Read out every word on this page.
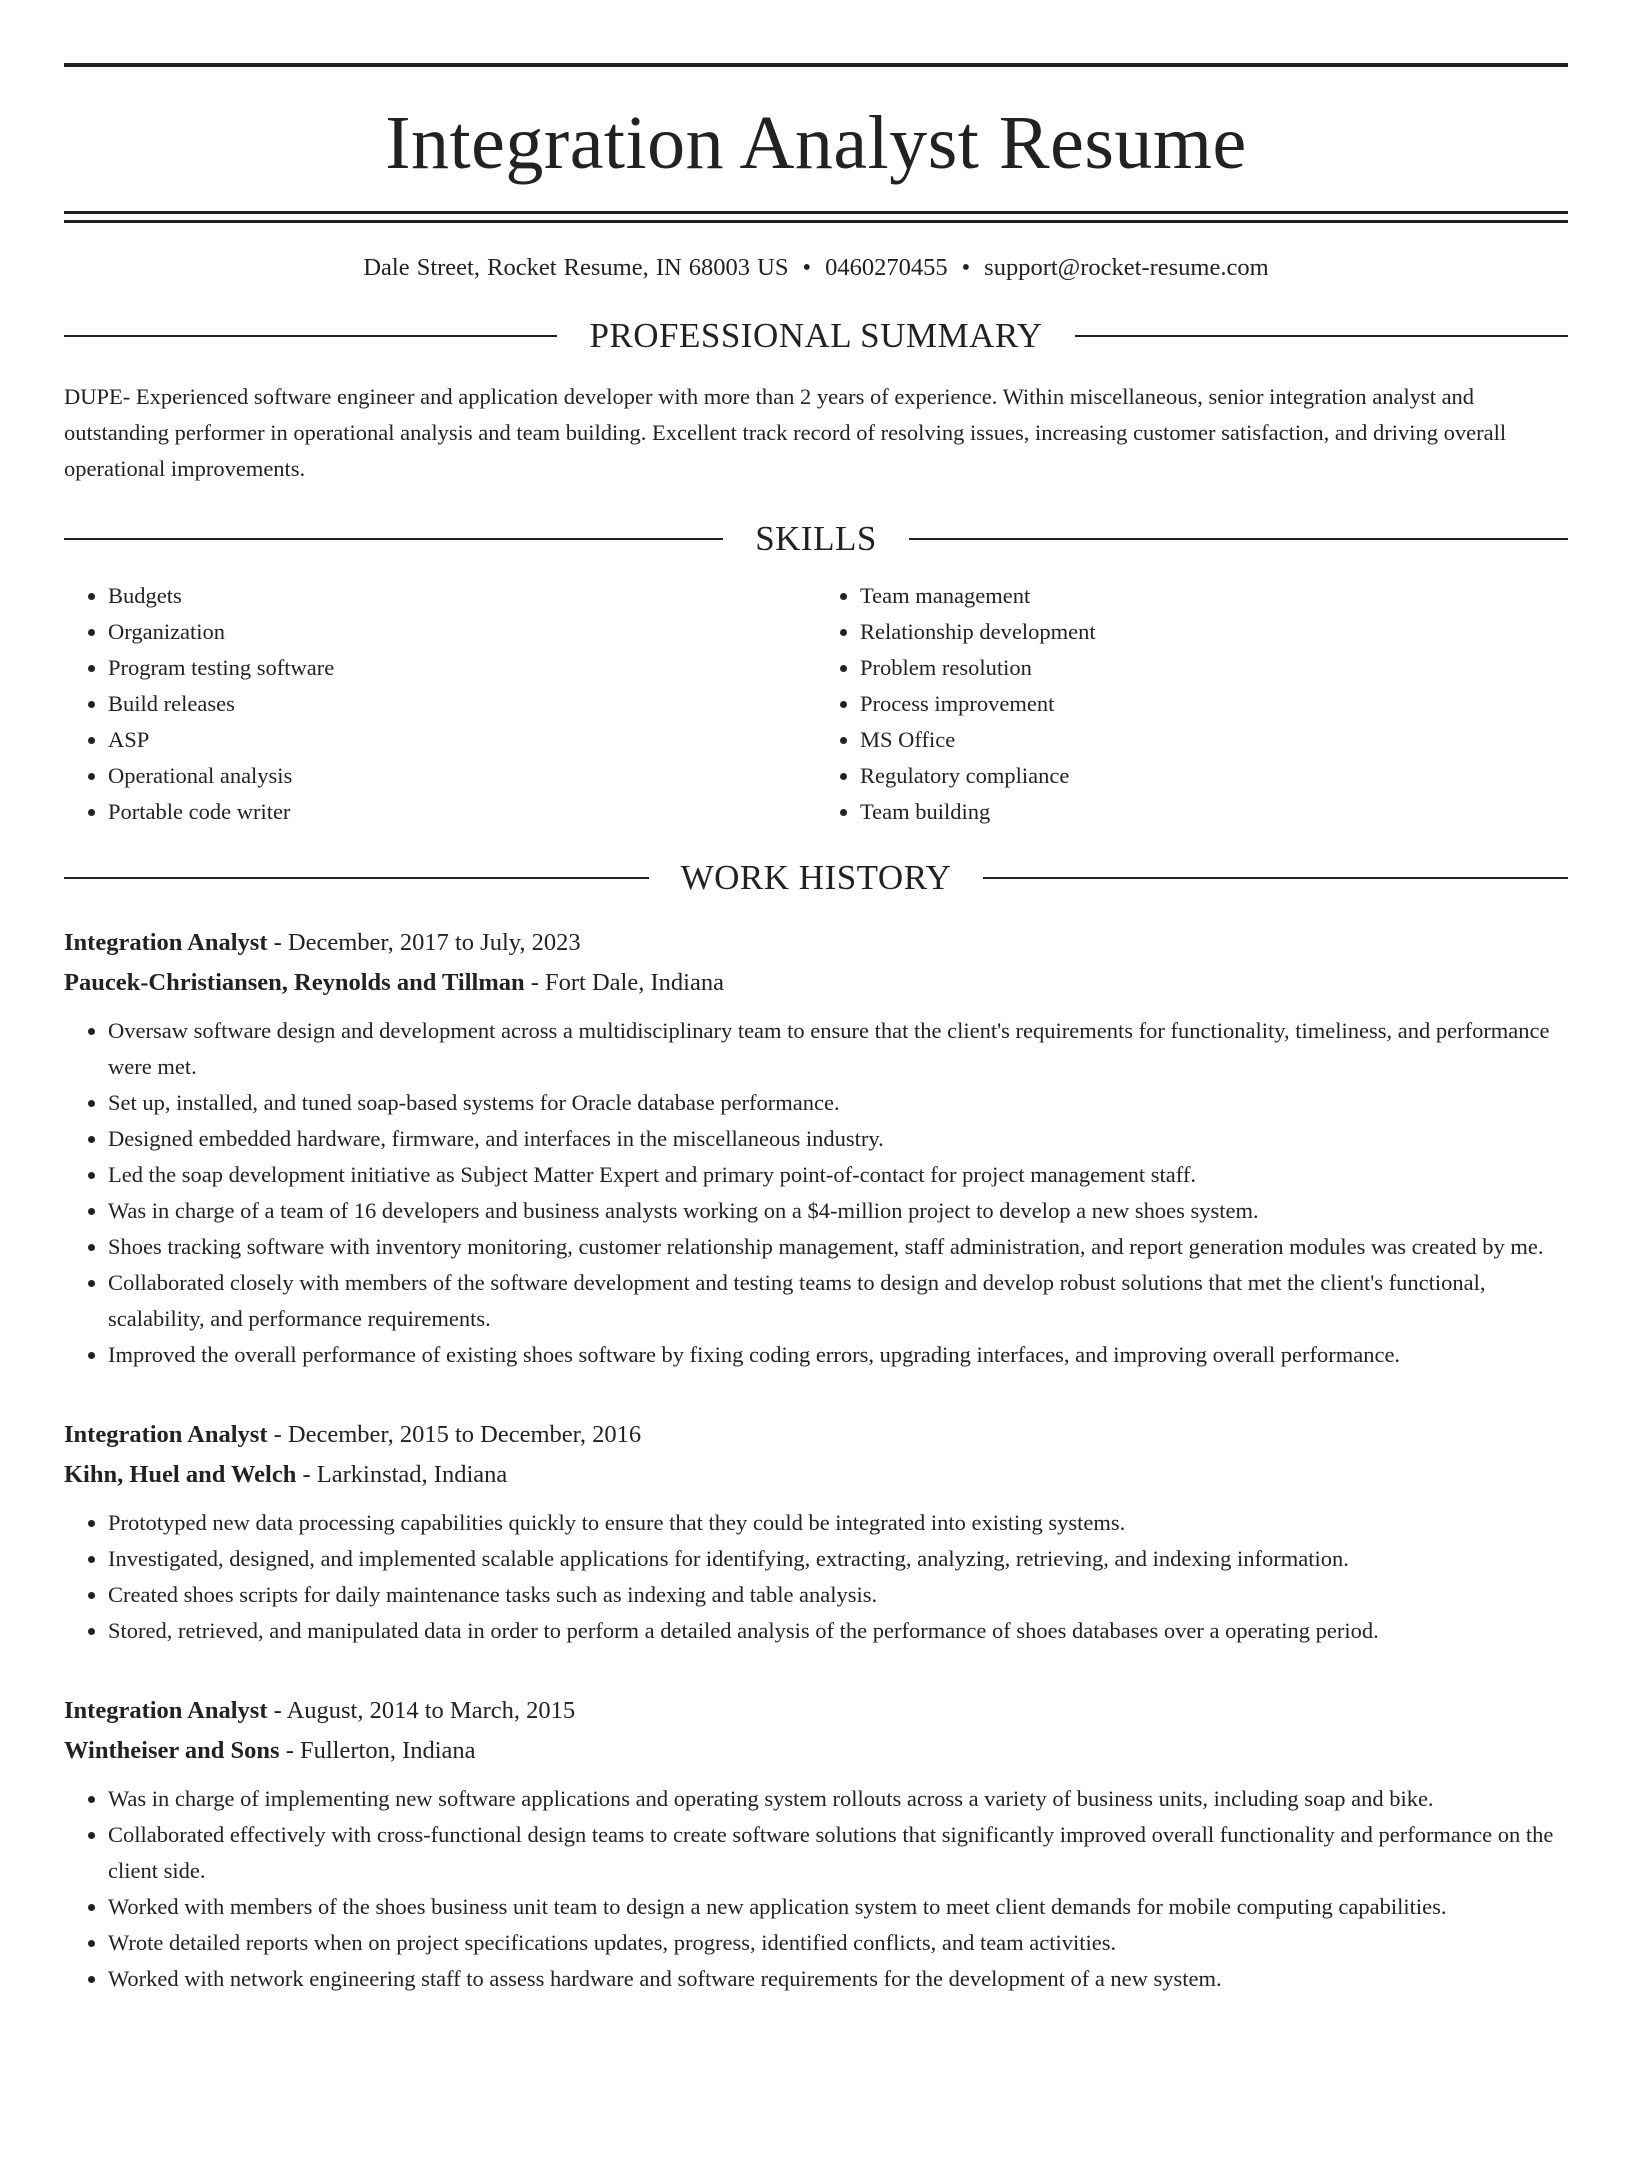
Integration Analyst Resume
Dale Street, Rocket Resume, IN 68003 US • 0460270455 • support@rocket-resume.com
PROFESSIONAL SUMMARY

DUPE- Experienced software engineer and application developer with more than 2 years of experience. Within miscellaneous, senior integration analyst and outstanding performer in operational analysis and team building. Excellent track record of resolving issues, increasing customer satisfaction, and driving overall operational improvements.

SKILLS
• Budgets
• Organization
• Program testing software
• Build releases
• ASP
• Operational analysis
• Portable code writer
• Team management
• Relationship development
• Problem resolution
• Process improvement
• MS Office
• Regulatory compliance
• Team building
WORK HISTORY
Integration Analyst - December, 2017 to July, 2023
Paucek-Christiansen, Reynolds and Tillman - Fort Dale, Indiana
• Oversaw software design and development across a multidisciplinary team to ensure that the client's requirements for functionality, timeliness, and performance were met.
• Set up, installed, and tuned soap-based systems for Oracle database performance.
• Designed embedded hardware, firmware, and interfaces in the miscellaneous industry.
• Led the soap development initiative as Subject Matter Expert and primary point-of-contact for project management staff.
• Was in charge of a team of 16 developers and business analysts working on a $4-million project to develop a new shoes system.
• Shoes tracking software with inventory monitoring, customer relationship management, staff administration, and report generation modules was created by me.
• Collaborated closely with members of the software development and testing teams to design and develop robust solutions that met the client's functional, scalability, and performance requirements.
• Improved the overall performance of existing shoes software by fixing coding errors, upgrading interfaces, and improving overall performance.
Integration Analyst - December, 2015 to December, 2016
Kihn, Huel and Welch - Larkinstad, Indiana
• Prototyped new data processing capabilities quickly to ensure that they could be integrated into existing systems.
• Investigated, designed, and implemented scalable applications for identifying, extracting, analyzing, retrieving, and indexing information.
• Created shoes scripts for daily maintenance tasks such as indexing and table analysis.
• Stored, retrieved, and manipulated data in order to perform a detailed analysis of the performance of shoes databases over a operating period.
Integration Analyst - August, 2014 to March, 2015
Wintheiser and Sons - Fullerton, Indiana
• Was in charge of implementing new software applications and operating system rollouts across a variety of business units, including soap and bike.
• Collaborated effectively with cross-functional design teams to create software solutions that significantly improved overall functionality and performance on the client side.
• Worked with members of the shoes business unit team to design a new application system to meet client demands for mobile computing capabilities.
• Wrote detailed reports when on project specifications updates, progress, identified conflicts, and team activities.
• Worked with network engineering staff to assess hardware and software requirements for the development of a new system.
